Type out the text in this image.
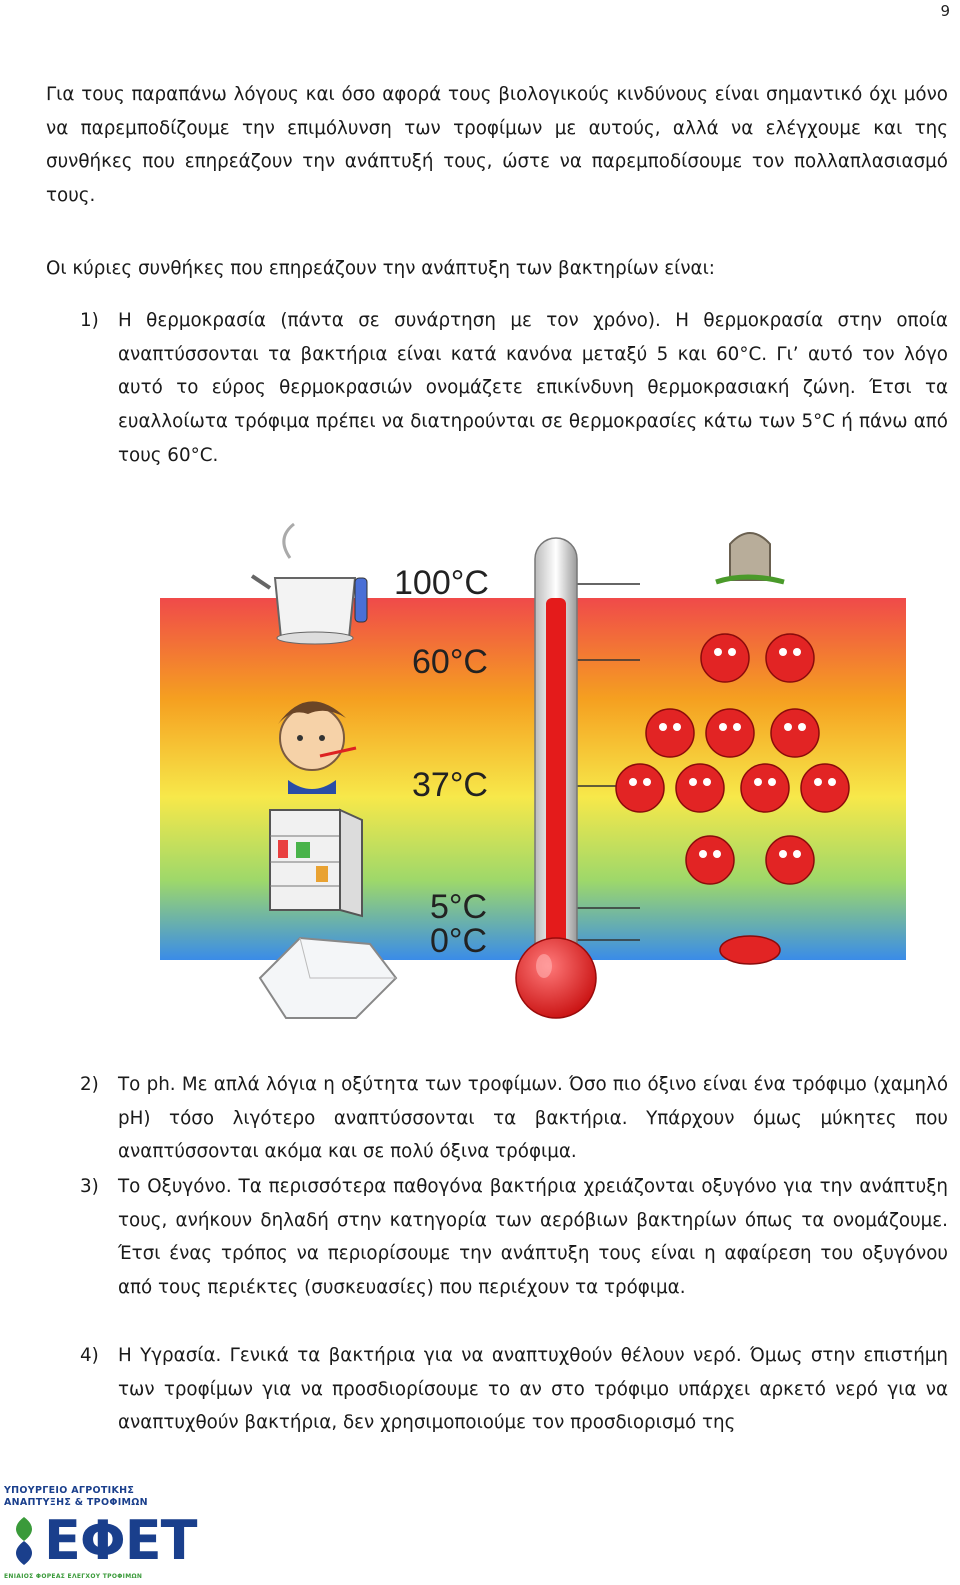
9

Για τους παραπάνω λόγους και όσο αφορά τους βιολογικούς κινδύνους είναι σημαντικό όχι μόνο να παρεμποδίζουμε την επιμόλυνση των τροφίμων με αυτούς, αλλά να ελέγχουμε και της συνθήκες που επηρεάζουν την ανάπτυξή τους, ώστε να παρεμποδίσουμε τον πολλαπλασιασμό τους.

Οι κύριες συνθήκες που επηρεάζουν την ανάπτυξη των βακτηρίων είναι:

1)	Η θερμοκρασία (πάντα σε συνάρτηση με τον χρόνο). Η θερμοκρασία στην οποία αναπτύσσονται τα βακτήρια είναι κατά κανόνα μεταξύ 5 και 60°C. Γι’ αυτό τον λόγο αυτό το εύρος θερμοκρασιών ονομάζετε επικίνδυνη θερμοκρασιακή ζώνη. Έτσι τα ευαλλοίωτα τρόφιμα πρέπει να διατηρούνται σε θερμοκρασίες κάτω των 5°C ή πάνω από τους 60°C.
100°C
60°C
37°C
5°C
0°C
2)	Το ph. Με απλά λόγια η οξύτητα των τροφίμων. Όσο πιο όξινο είναι ένα τρόφιμο (χαμηλό pH) τόσο λιγότερο αναπτύσσονται τα βακτήρια. Υπάρχουν όμως μύκητες που αναπτύσσονται ακόμα και σε πολύ όξινα τρόφιμα.
3)	Το Οξυγόνο. Τα περισσότερα παθογόνα βακτήρια χρειάζονται οξυγόνο για την ανάπτυξη τους, ανήκουν δηλαδή στην κατηγορία των αερόβιων βακτηρίων όπως τα ονομάζουμε. Έτσι ένας τρόπος να περιορίσουμε την ανάπτυξη τους είναι η αφαίρεση του οξυγόνου από τους περιέκτες (συσκευασίες) που περιέχουν τα τρόφιμα.
4)	Η Υγρασία. Γενικά τα βακτήρια για να αναπτυχθούν θέλουν νερό. Όμως στην επιστήμη των τροφίμων για να προσδιορίσουμε το αν στο τρόφιμο υπάρχει αρκετό νερό για να αναπτυχθούν βακτήρια, δεν χρησιμοποιούμε τον προσδιορισμό της
ΥΠΟΥΡΓΕΙΟ ΑΓΡΟΤΙΚΗΣ
ΑΝΑΠΤΥΞΗΣ & ΤΡΟΦΙΜΩΝ
ΕΦΕΤ
ΕΝΙΑΙΟΣ ΦΟΡΕΑΣ ΕΛΕΓΧΟΥ ΤΡΟΦΙΜΩΝ
